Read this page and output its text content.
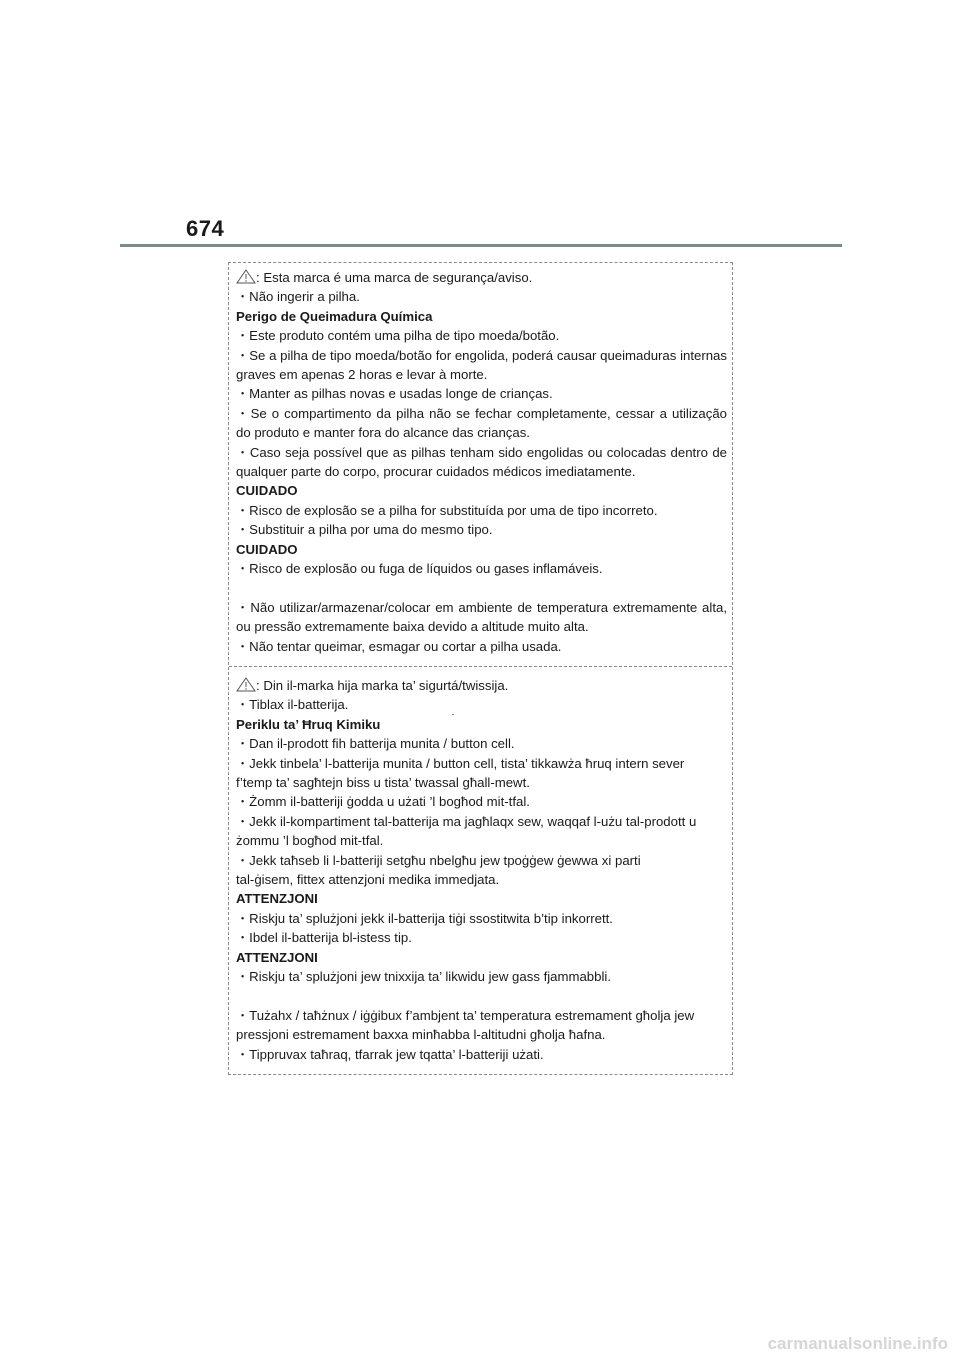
674

: Esta marca é uma marca de segurança/aviso.

・Não ingerir a pilha.

Perigo de Queimadura Química

・Este produto contém uma pilha de tipo moeda/botão.

・Se a pilha de tipo moeda/botão for engolida, poderá causar queimaduras internas graves em apenas 2 horas e levar à morte.

・Manter as pilhas novas e usadas longe de crianças.

・Se o compartimento da pilha não se fechar completamente, cessar a utilização do produto e manter fora do alcance das crianças.

・Caso seja possível que as pilhas tenham sido engolidas ou colocadas dentro de qualquer parte do corpo, procurar cuidados médicos imediatamente.

CUIDADO

・Risco de explosão se a pilha for substituída por uma de tipo incorreto.

・Substituir a pilha por uma do mesmo tipo.

CUIDADO

・Risco de explosão ou fuga de líquidos ou gases inflamáveis.

・Não utilizar/armazenar/colocar em ambiente de temperatura extremamente alta, ou pressão extremamente baixa devido a altitude muito alta.

・Não tentar queimar, esmagar ou cortar a pilha usada.

: Din il-marka hija marka ta’ sigurtá/twissija.

・Tiblax il-batterija.

Periklu ta’ Ħruq Kimiku

・Dan il-prodott fih batterija munita / button cell.

・Jekk tinbela’ l-batterija munita / button cell, tista’ tikkawża ħruq intern sever

f’temp ta’ sagħtejn biss u tista’ twassal għall-mewt.

・Żomm il-batteriji ġodda u użati ’l bogħod mit-tfal.

・Jekk il-kompartiment tal-batterija ma jagħlaqx sew, waqqaf l-użu tal-prodott u

żommu ’l bogħod mit-tfal.

・Jekk taħseb li l-batteriji setgħu nbelgħu jew tpoġġew ġewwa xi parti

tal-ġisem, fittex attenzjoni medika immedjata.

ATTENZJONI

・Riskju ta’ splużjoni jekk il-batterija tiġi ssostitwita b’tip inkorrett.

・Ibdel il-batterija bl-istess tip.

ATTENZJONI

・Riskju ta’ splużjoni jew tnixxija ta’ likwidu jew gass fjammabbli.

・Tużahx / taħżnux / iġġibux f’ambjent ta’ temperatura estremament għolja jew

pressjoni estremament baxxa minħabba l-altitudni għolja ħafna.

・Tippruvax taħraq, tfarrak jew tqatta’ l-batteriji użati.

carmanualsonline.info
